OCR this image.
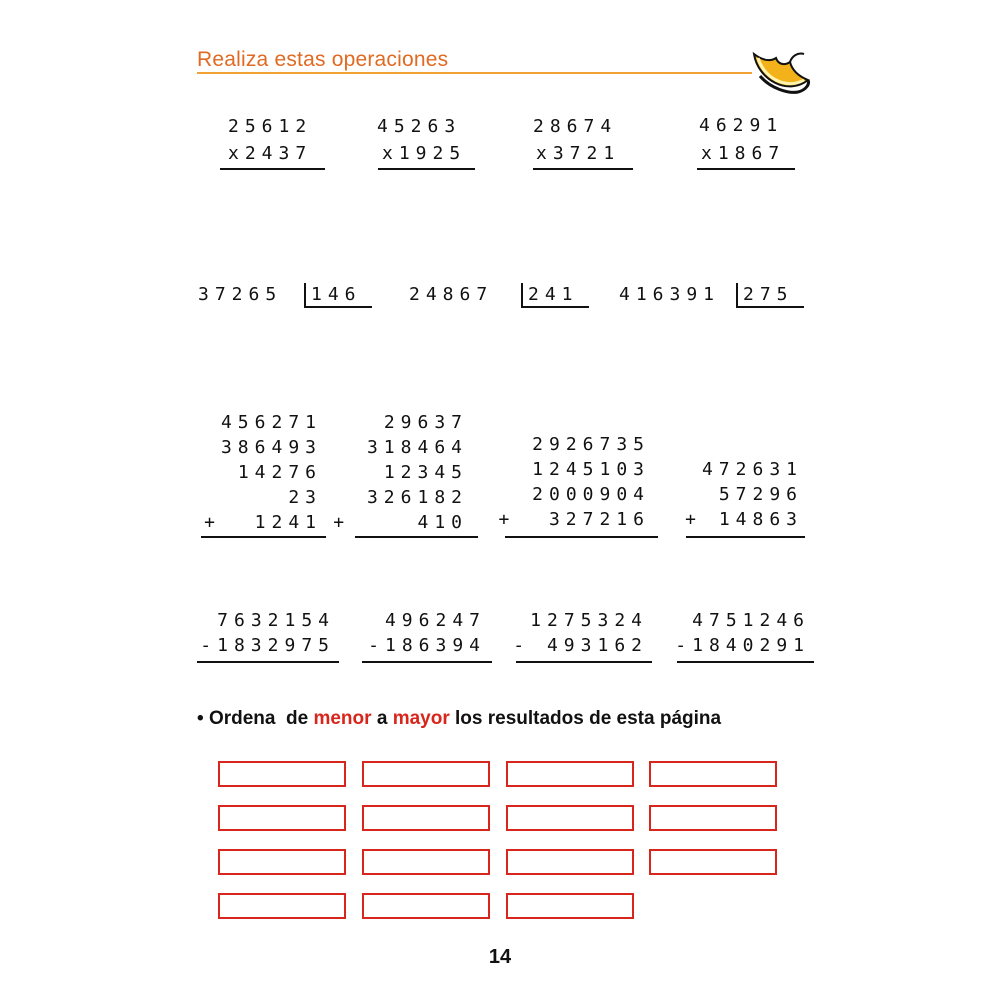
Realiza estas operaciones
25612
x2437
45263
x1925
28674
x3721
46291
x1867
37265 146	24867 241 416391 275
456271
386493
14276
23
+  1241
29637
318464
12345
326182
+    410
2926735
1245103
2000904
+  327216
472631
57296
+ 14863
7632154
-1832975
496247
-186394
1275324
- 493162
4751246
-1840291
• Ordena  de menor a mayor los resultados de esta página
14
